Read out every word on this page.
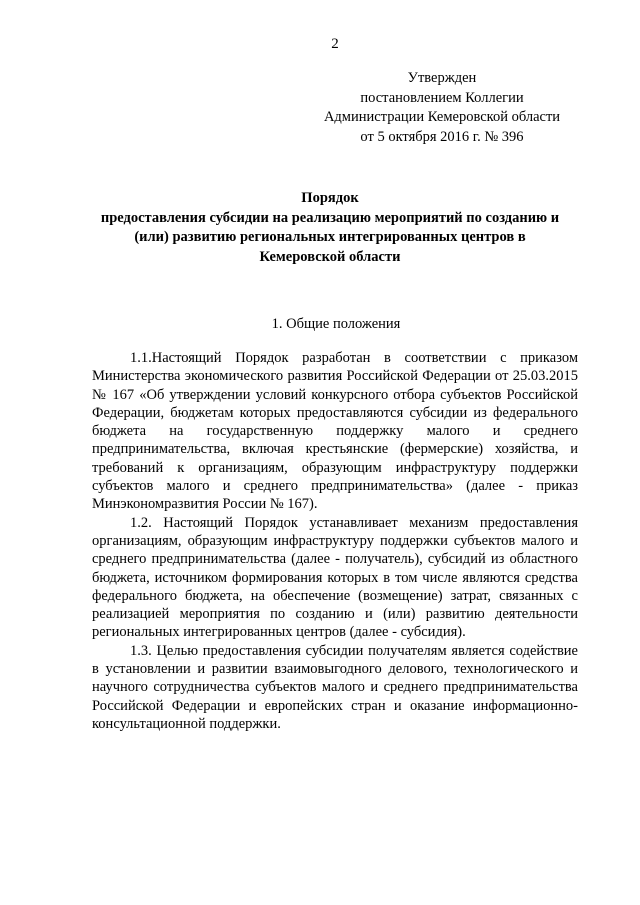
2
Утвержден
постановлением Коллегии
Администрации Кемеровской области
от 5 октября 2016 г. № 396
Порядок
предоставления субсидии на реализацию мероприятий по созданию и
(или) развитию региональных интегрированных центров в
Кемеровской области
1. Общие положения

1.1.Настоящий Порядок разработан в соответствии с приказом Министерства экономического развития Российской Федерации от 25.03.2015 № 167 «Об утверждении условий конкурсного отбора субъектов Российской Федерации, бюджетам которых предоставляются субсидии из федерального бюджета на государственную поддержку малого и среднего предпринимательства, включая крестьянские (фермерские) хозяйства, и требований к организациям, образующим инфраструктуру поддержки субъектов малого и среднего предпринимательства» (далее - приказ Минэкономразвития России № 167).

1.2. Настоящий Порядок устанавливает механизм предоставления организациям, образующим инфраструктуру поддержки субъектов малого и среднего предпринимательства (далее - получатель), субсидий из областного бюджета, источником формирования которых в том числе являются средства федерального бюджета, на обеспечение (возмещение) затрат, связанных с реализацией мероприятия по созданию и (или) развитию деятельности региональных интегрированных центров (далее - субсидия).

1.3. Целью предоставления субсидии получателям является содействие в установлении и развитии взаимовыгодного делового, технологического и научного сотрудничества субъектов малого и среднего предпринимательства Российской Федерации и европейских стран и оказание информационно-консультационной поддержки.
